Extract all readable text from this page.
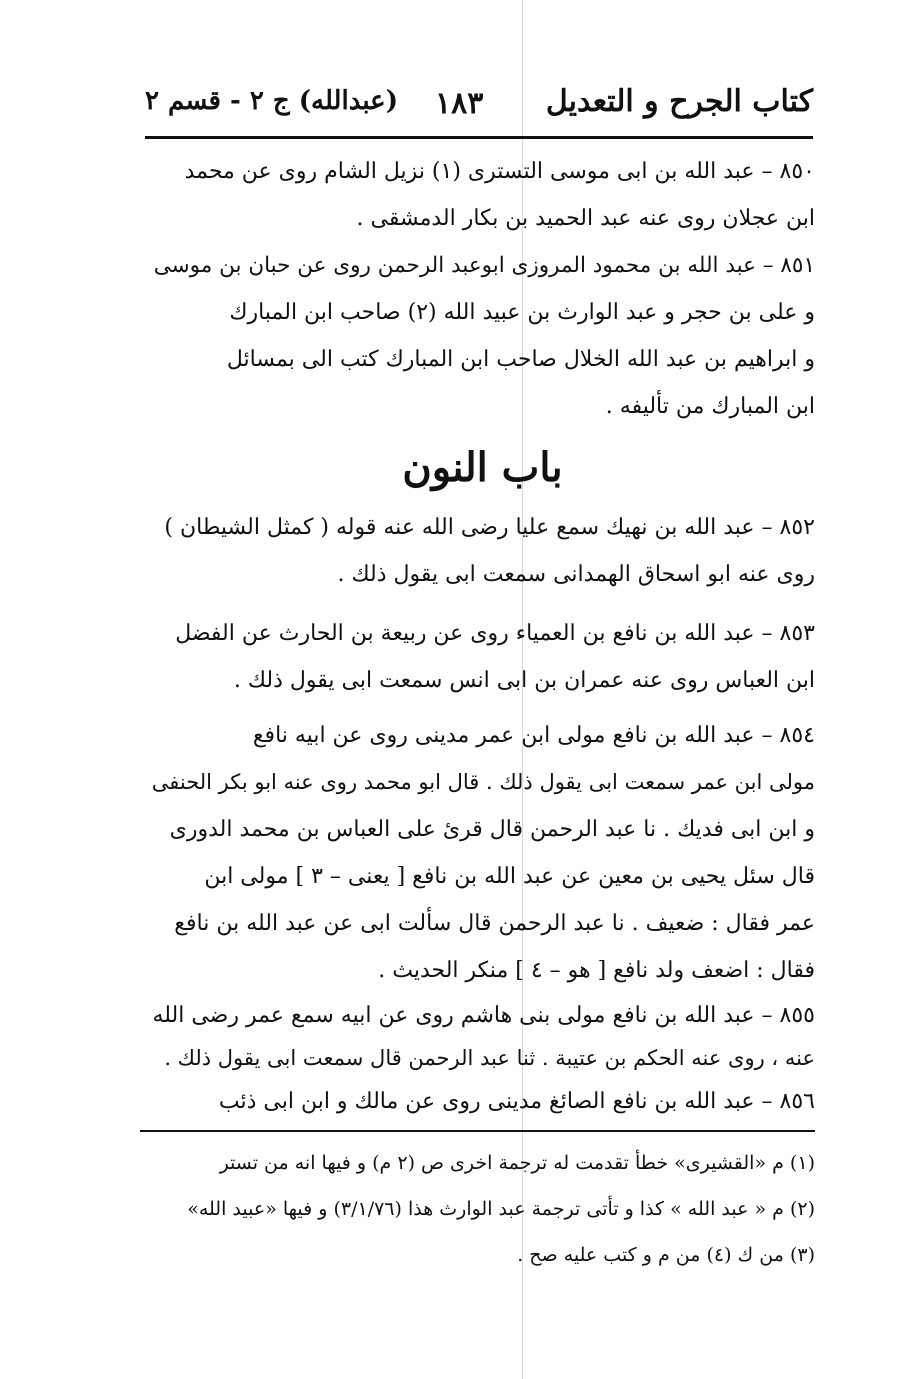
كتاب الجرح و التعديل
١٨٣
(عبدالله) ج ٢ - قسم ٢
٨٥٠ – عبد الله بن ابى موسى التسترى (١) نزيل الشام روى عن محمد
ابن عجلان روى عنه عبد الحميد بن بكار الدمشقى .
٨٥١ – عبد الله بن محمود المروزى ابوعبد الرحمن روى عن حبان بن موسى
و على بن حجر و عبد الوارث بن عبيد الله (٢) صاحب ابن المبارك
و ابراهيم بن عبد الله الخلال صاحب ابن المبارك كتب الى بمسائل
ابن المبارك من تأليفه .
باب النون
٨٥٢ – عبد الله بن نهيك سمع عليا رضى الله عنه قوله ( كمثل الشيطان )
روى عنه ابو اسحاق الهمدانى سمعت ابى يقول ذلك .
٨٥٣ – عبد الله بن نافع بن العمياء روى عن ربيعة بن الحارث عن الفضل
ابن العباس روى عنه عمران بن ابى انس سمعت ابى يقول ذلك .
٨٥٤ – عبد الله بن نافع مولى ابن عمر مدينى روى عن ابيه نافع
مولى ابن عمر سمعت ابى يقول ذلك . قال ابو محمد روى عنه ابو بكر الحنفى
و ابن ابى فديك . نا عبد الرحمن قال قرئ على العباس بن محمد الدورى
قال سئل يحيى بن معين عن عبد الله بن نافع [ يعنى – ٣ ] مولى ابن
عمر فقال : ضعيف . نا عبد الرحمن قال سألت ابى عن عبد الله بن نافع
فقال : اضعف ولد نافع [ هو – ٤ ] منكر الحديث .
٨٥٥ – عبد الله بن نافع مولى بنى هاشم روى عن ابيه سمع عمر رضى الله
عنه ، روى عنه الحكم بن عتيبة . ثنا عبد الرحمن قال سمعت ابى يقول ذلك .
٨٥٦ – عبد الله بن نافع الصائغ مدينى روى عن مالك و ابن ابى ذئب
(١) م «القشيرى» خطأ تقدمت له ترجمة اخرى ص (٢ م) و فيها انه من تستر
(٢) م « عبد الله » كذا و تأتى ترجمة عبد الوارث هذا (٣/١/٧٦) و فيها «عبيد الله»
(٣) من ك (٤) من م و كتب عليه صح .
